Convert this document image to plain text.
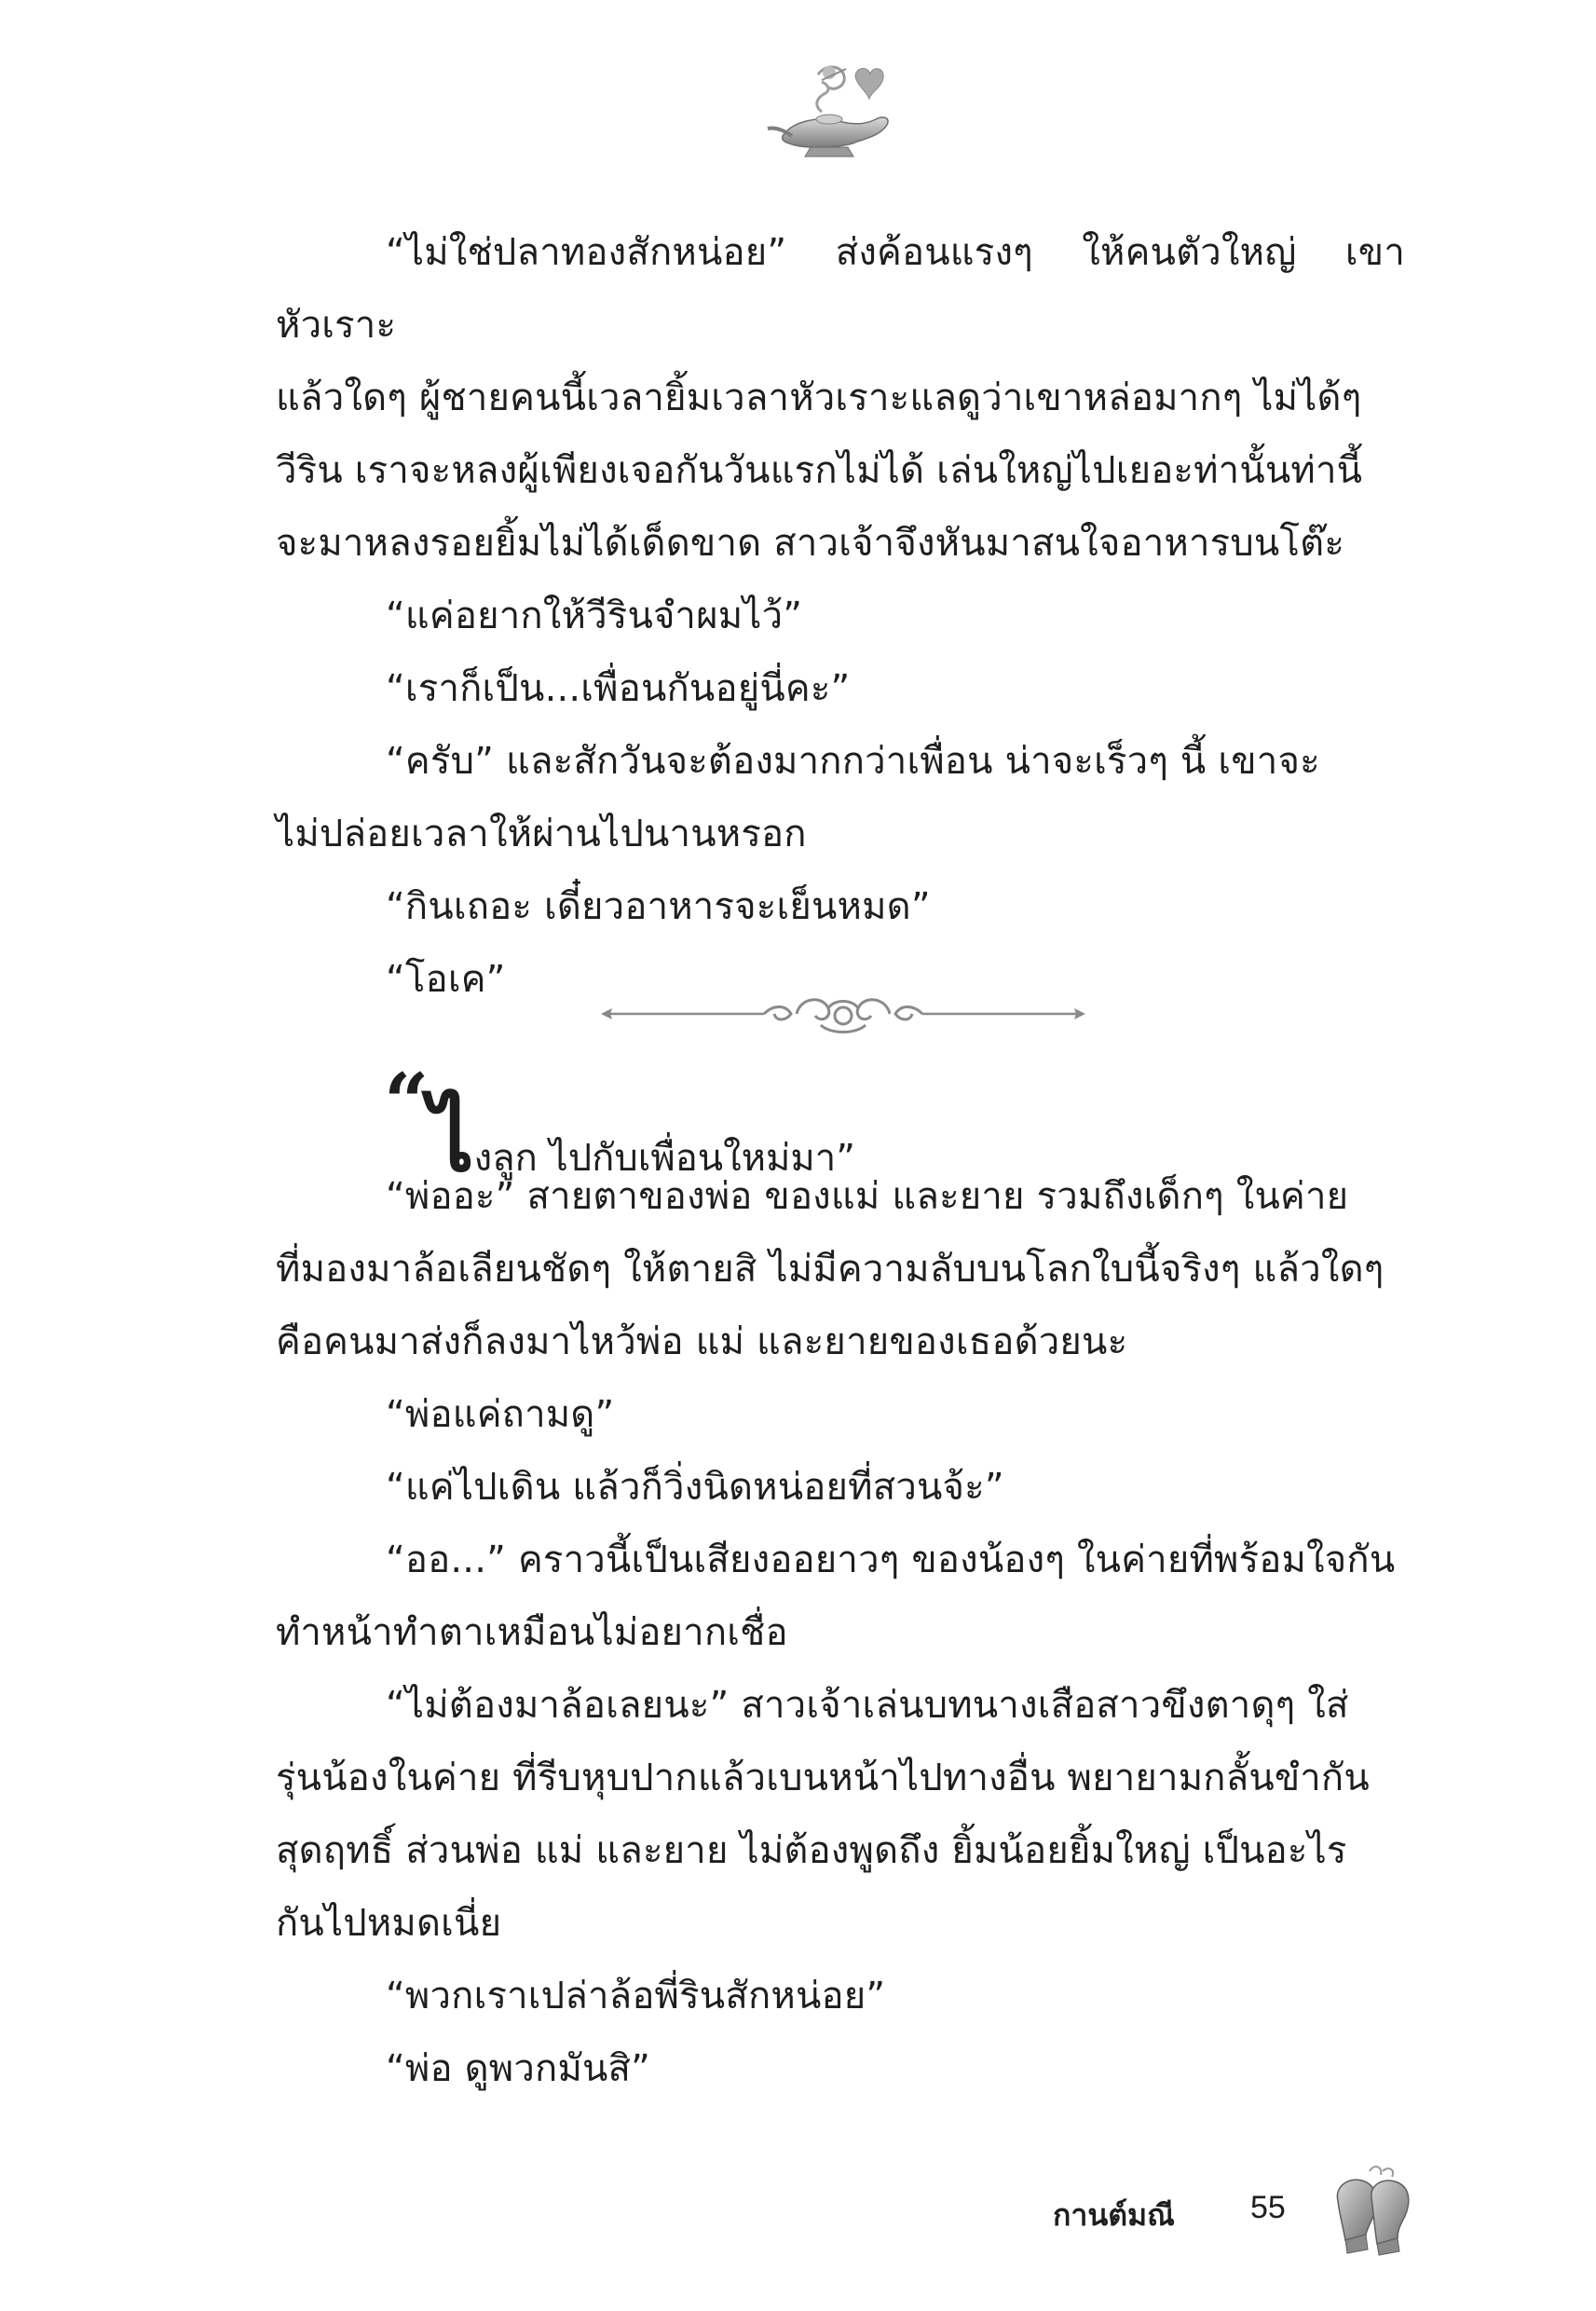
“ไม่ใช่ปลาทองสักหน่อย” ส่งค้อนแรงๆ ให้คนตัวใหญ่ เขาหัวเราะ

แล้วใดๆ ผู้ชายคนนี้เวลายิ้มเวลาหัวเราะแลดูว่าเขาหล่อมากๆ ไม่ได้ๆ

วีริน เราจะหลงผู้เพียงเจอกันวันแรกไม่ได้ เล่นใหญ่ไปเยอะท่านั้นท่านี้

จะมาหลงรอยยิ้มไม่ได้เด็ดขาด สาวเจ้าจึงหันมาสนใจอาหารบนโต๊ะ

“แค่อยากให้วีรินจำผมไว้”

“เราก็เป็น...เพื่อนกันอยู่นี่คะ”

“ครับ” และสักวันจะต้องมากกว่าเพื่อน น่าจะเร็วๆ นี้ เขาจะ

ไม่ปล่อยเวลาให้ผ่านไปนานหรอก

“กินเถอะ เดี๋ยวอาหารจะเย็นหมด”

“โอเค”

“ไงลูก ไปกับเพื่อนใหม่มา”

“พ่ออะ” สายตาของพ่อ ของแม่ และยาย รวมถึงเด็กๆ ในค่าย

ที่มองมาล้อเลียนชัดๆ ให้ตายสิ ไม่มีความลับบนโลกใบนี้จริงๆ แล้วใดๆ

คือคนมาส่งก็ลงมาไหว้พ่อ แม่ และยายของเธอด้วยนะ

“พ่อแค่ถามดู”

“แค่ไปเดิน แล้วก็วิ่งนิดหน่อยที่สวนจ้ะ”

“ออ...” คราวนี้เป็นเสียงออยาวๆ ของน้องๆ ในค่ายที่พร้อมใจกัน

ทำหน้าทำตาเหมือนไม่อยากเชื่อ

“ไม่ต้องมาล้อเลยนะ” สาวเจ้าเล่นบทนางเสือสาวขึงตาดุๆ ใส่

รุ่นน้องในค่าย ที่รีบหุบปากแล้วเบนหน้าไปทางอื่น พยายามกลั้นขำกัน

สุดฤทธิ์ ส่วนพ่อ แม่ และยาย ไม่ต้องพูดถึง ยิ้มน้อยยิ้มใหญ่ เป็นอะไร

กันไปหมดเนี่ย

“พวกเราเปล่าล้อพี่รินสักหน่อย”

“พ่อ ดูพวกมันสิ”

กานต์มณี 55
